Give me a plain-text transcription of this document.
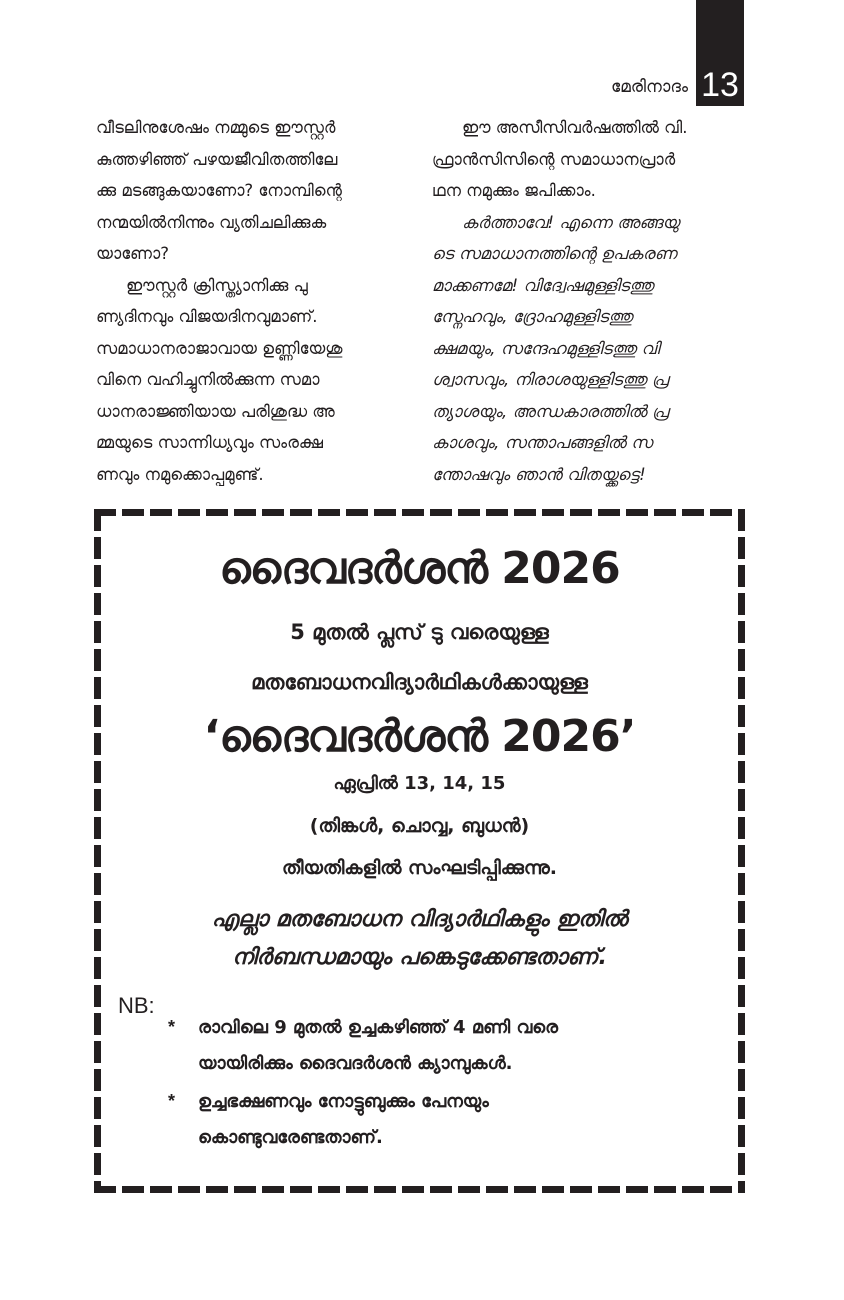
13
മേരിനാദം

വീടലിനുശേഷം നമ്മുടെ ഈസ്റ്റർ
കുത്തഴിഞ്ഞ് പഴയജീവിതത്തിലേ
ക്കു മടങ്ങുകയാണോ? നോമ്പിന്റെ
നന്മയിൽനിന്നും വ്യതിചലിക്കുക
യാണോ?

ഈസ്റ്റർ ക്രിസ്ത്യാനിക്കു പു
ണ്യദിനവും വിജയദിനവുമാണ്.
സമാധാനരാജാവായ ഉണ്ണിയേശു
വിനെ വഹിച്ചുനിൽക്കുന്ന സമാ
ധാനരാജ്ഞിയായ പരിശുദ്ധ അ
മ്മയുടെ സാന്നിധ്യവും സംരക്ഷ
ണവും നമുക്കൊപ്പമുണ്ട്.

ഈ അസീസിവർഷത്തിൽ വി.
ഫ്രാൻസിസിന്റെ സമാധാനപ്രാർ
ഥന നമുക്കും ജപിക്കാം.

കർത്താവേ! എന്നെ അങ്ങയു
ടെ സമാധാനത്തിന്റെ ഉപകരണ
മാക്കണമേ! വിദ്വേഷമുള്ളിടത്തു
സ്നേഹവും, ദ്രോഹമുള്ളിടത്തു
ക്ഷമയും, സന്ദേഹമുള്ളിടത്തു വി
ശ്വാസവും, നിരാശയുള്ളിടത്തു പ്ര
ത്യാശയും, അന്ധകാരത്തിൽ പ്ര
കാശവും, സന്താപങ്ങളിൽ സ
ന്തോഷവും ഞാൻ വിതയ്ക്കട്ടെ!

ദൈവദർശൻ 2026
5 മുതൽ പ്ലസ് ടു വരെയുള്ള
മതബോധനവിദ്യാർഥികൾക്കായുള്ള
‘ദൈവദർശൻ 2026’
ഏപ്രിൽ 13, 14, 15
(തിങ്കൾ, ചൊവ്വ, ബുധൻ)
തീയതികളിൽ സംഘടിപ്പിക്കുന്നു.
എല്ലാ മതബോധന വിദ്യാർഥികളും ഇതിൽ
നിർബന്ധമായും പങ്കെടുക്കേണ്ടതാണ്.
NB:
* രാവിലെ 9 മുതൽ ഉച്ചകഴിഞ്ഞ് 4 മണി വരെ
യായിരിക്കും ദൈവദർശൻ ക്യാമ്പുകൾ.
* ഉച്ചഭക്ഷണവും നോട്ടുബുക്കും പേനയും
കൊണ്ടുവരേണ്ടതാണ്.
